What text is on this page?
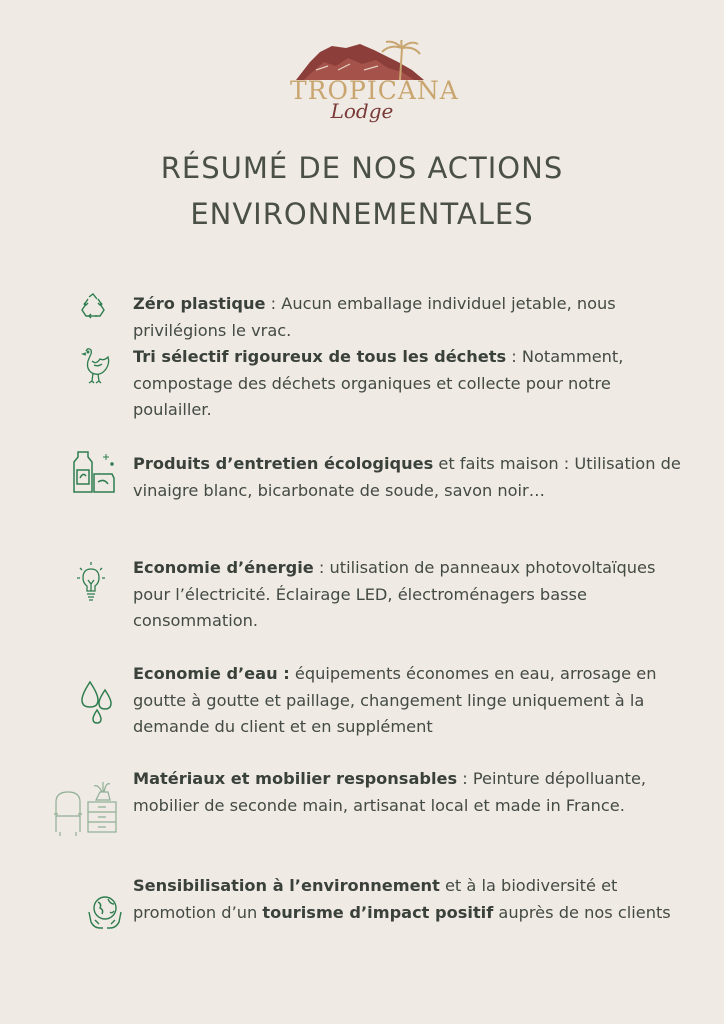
TROPICANA
Lodge
RÉSUMÉ DE NOS ACTIONS
ENVIRONNEMENTALES
Zéro plastique : Aucun emballage individuel jetable, nous privilégions le vrac.
Tri sélectif rigoureux de tous les déchets : Notamment, compostage des déchets organiques et collecte pour notre poulailler.
Produits d’entretien écologiques et faits maison : Utilisation de vinaigre blanc, bicarbonate de soude, savon noir…
Economie d’énergie : utilisation de panneaux photovoltaïques pour l’électricité. Éclairage LED, électroménagers basse consommation.
Economie d’eau : équipements économes en eau, arrosage en goutte à goutte et paillage, changement linge uniquement à la demande du client et en supplément
Matériaux et mobilier responsables : Peinture dépolluante, mobilier de seconde main, artisanat local et made in France.
Sensibilisation à l’environnement et à la biodiversité et promotion d’un tourisme d’impact positif auprès de nos clients
